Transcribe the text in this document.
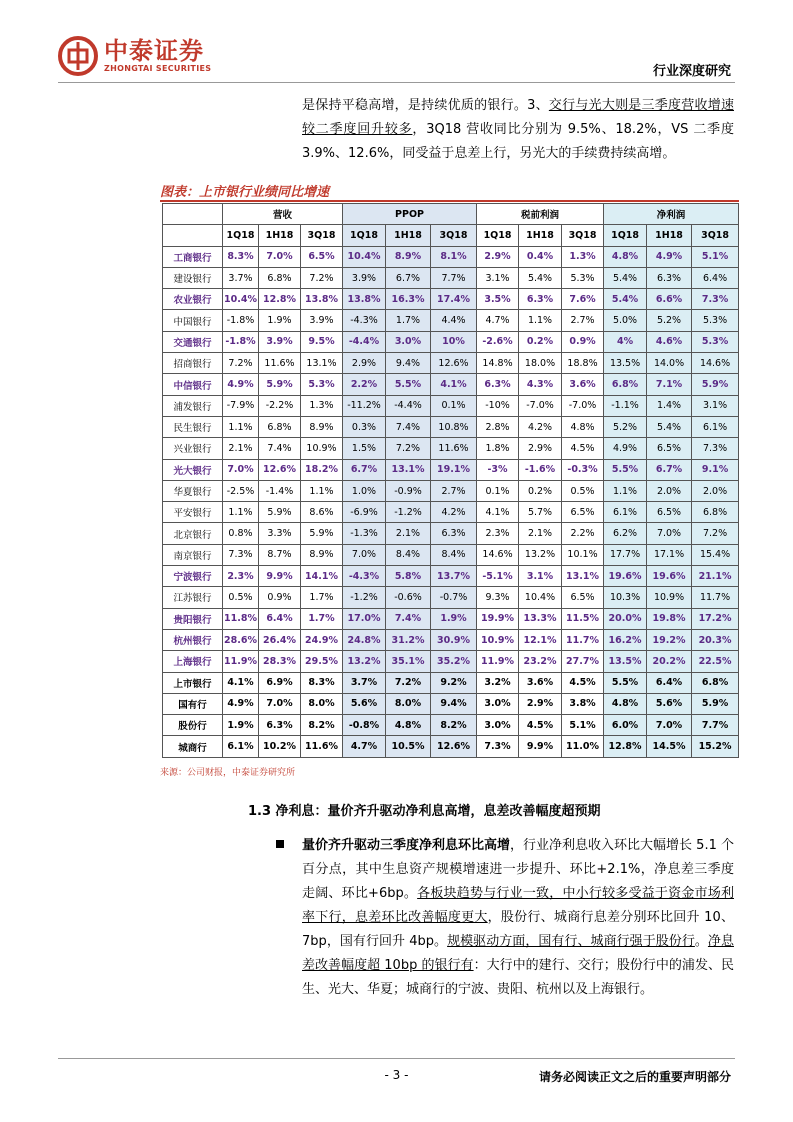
中泰证券
ZHONGTAI SECURITIES	行业深度研究
是保持平稳高增，是持续优质的银行。3、交行与光大则是三季度营收增速较二季度回升较多，3Q18 营收同比分别为 9.5%、18.2%，VS 二季度 3.9%、12.6%，同受益于息差上行，另光大的手续费持续高增。
图表：上市银行业绩同比增速
	营收			PPOP			税前利润			净利润		
	1Q18	1H18	3Q18	1Q18	1H18	3Q18	1Q18	1H18	3Q18	1Q18	1H18	3Q18
工商银行	8.3%	7.0%	6.5%	10.4%	8.9%	8.1%	2.9%	0.4%	1.3%	4.8%	4.9%	5.1%
建设银行	3.7%	6.8%	7.2%	3.9%	6.7%	7.7%	3.1%	5.4%	5.3%	5.4%	6.3%	6.4%
农业银行	10.4%	12.8%	13.8%	13.8%	16.3%	17.4%	3.5%	6.3%	7.6%	5.4%	6.6%	7.3%
中国银行	-1.8%	1.9%	3.9%	-4.3%	1.7%	4.4%	4.7%	1.1%	2.7%	5.0%	5.2%	5.3%
交通银行	-1.8%	3.9%	9.5%	-4.4%	3.0%	10%	-2.6%	0.2%	0.9%	4%	4.6%	5.3%
招商银行	7.2%	11.6%	13.1%	2.9%	9.4%	12.6%	14.8%	18.0%	18.8%	13.5%	14.0%	14.6%
中信银行	4.9%	5.9%	5.3%	2.2%	5.5%	4.1%	6.3%	4.3%	3.6%	6.8%	7.1%	5.9%
浦发银行	-7.9%	-2.2%	1.3%	-11.2%	-4.4%	0.1%	-10%	-7.0%	-7.0%	-1.1%	1.4%	3.1%
民生银行	1.1%	6.8%	8.9%	0.3%	7.4%	10.8%	2.8%	4.2%	4.8%	5.2%	5.4%	6.1%
兴业银行	2.1%	7.4%	10.9%	1.5%	7.2%	11.6%	1.8%	2.9%	4.5%	4.9%	6.5%	7.3%
光大银行	7.0%	12.6%	18.2%	6.7%	13.1%	19.1%	-3%	-1.6%	-0.3%	5.5%	6.7%	9.1%
华夏银行	-2.5%	-1.4%	1.1%	1.0%	-0.9%	2.7%	0.1%	0.2%	0.5%	1.1%	2.0%	2.0%
平安银行	1.1%	5.9%	8.6%	-6.9%	-1.2%	4.2%	4.1%	5.7%	6.5%	6.1%	6.5%	6.8%
北京银行	0.8%	3.3%	5.9%	-1.3%	2.1%	6.3%	2.3%	2.1%	2.2%	6.2%	7.0%	7.2%
南京银行	7.3%	8.7%	8.9%	7.0%	8.4%	8.4%	14.6%	13.2%	10.1%	17.7%	17.1%	15.4%
宁波银行	2.3%	9.9%	14.1%	-4.3%	5.8%	13.7%	-5.1%	3.1%	13.1%	19.6%	19.6%	21.1%
江苏银行	0.5%	0.9%	1.7%	-1.2%	-0.6%	-0.7%	9.3%	10.4%	6.5%	10.3%	10.9%	11.7%
贵阳银行	11.8%	6.4%	1.7%	17.0%	7.4%	1.9%	19.9%	13.3%	11.5%	20.0%	19.8%	17.2%
杭州银行	28.6%	26.4%	24.9%	24.8%	31.2%	30.9%	10.9%	12.1%	11.7%	16.2%	19.2%	20.3%
上海银行	11.9%	28.3%	29.5%	13.2%	35.1%	35.2%	11.9%	23.2%	27.7%	13.5%	20.2%	22.5%
上市银行	4.1%	6.9%	8.3%	3.7%	7.2%	9.2%	3.2%	3.6%	4.5%	5.5%	6.4%	6.8%
国有行	4.9%	7.0%	8.0%	5.6%	8.0%	9.4%	3.0%	2.9%	3.8%	4.8%	5.6%	5.9%
股份行	1.9%	6.3%	8.2%	-0.8%	4.8%	8.2%	3.0%	4.5%	5.1%	6.0%	7.0%	7.7%
城商行	6.1%	10.2%	11.6%	4.7%	10.5%	12.6%	7.3%	9.9%	11.0%	12.8%	14.5%	15.2%
来源：公司财报，中泰证券研究所
1.3 净利息：量价齐升驱动净利息高增，息差改善幅度超预期
量价齐升驱动三季度净利息环比高增，行业净利息收入环比大幅增长 5.1 个百分点，其中生息资产规模增速进一步提升、环比+2.1%，净息差三季度走阔、环比+6bp。各板块趋势与行业一致，中小行较多受益于资金市场利率下行，息差环比改善幅度更大，股份行、城商行息差分别环比回升 10、7bp，国有行回升 4bp。规模驱动方面，国有行、城商行强于股份行。净息差改善幅度超 10bp 的银行有：大行中的建行、交行；股份行中的浦发、民生、光大、华夏；城商行的宁波、贵阳、杭州以及上海银行。
- 3 -	请务必阅读正文之后的重要声明部分
